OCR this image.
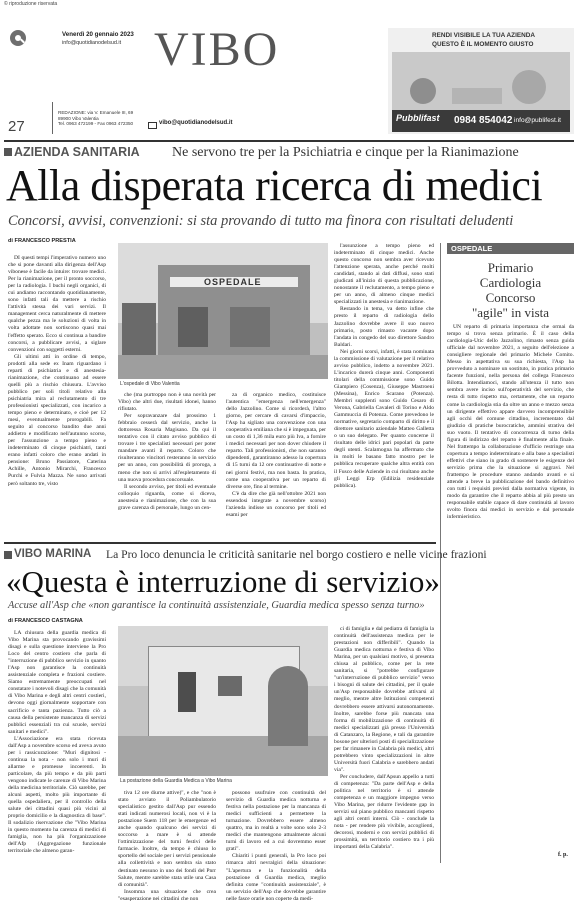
© riproduzione riservata
Venerdì 20 gennaio 2023
info@quotidianodelsud.it VIBO
27
REDAZIONE: via V. Emanuele III, 69
89900 Vibo Valentia
Tel. 0963 472199 - Fax 0963 472350	vibo@quotidianodelsud.it
RENDI VISIBILE LA TUA AZIENDA
QUESTO È IL MOMENTO GIUSTO
Pubblifast 0984 854042 info@publifest.it
AZIENDA SANITARIA Ne servono tre per la Psichiatria e cinque per la Rianimazione
Alla disperata ricerca di medici
Concorsi, avvisi, convenzioni: si sta provando di tutto ma finora con risultati deludenti
di FRANCESCO PRESTIA

DI questi tempi l'imperativo numero uno che si pone davanti alla dirigenza dell'Asp vibonese è facile da intuire: trovare medici. Per la rianimazione, per il pronto soccorso, per la radiologia. I buchi negli organici, di cui andiamo raccontando quotidianamente, sono infatti tali da mettere a rischio l'attività stessa dei vari servizi. Il management cerca naturalmente di mettere qualche pezza ma le soluzioni di volta in volta adottate non sortiscono quasi mai l'effetto sperato. Ecco si continua a bandire concorsi, a pubblicare avvisi, a siglare convenzioni con soggetti esterni.

Gli ultimi atti in ordine di tempo, prodotti alla sede ex Inam riguardano i reparti di psichiatria e di anestesia-rianimazione, che continuano ad essere quelli più a rischio chiusura. L'avviso pubblico per soli titoli relativo alla psichiatria mira al reclutamento di tre professionisti specializzati, con incarico a tempo pieno e determinato, e cioè per 12 mesi, eventualmente prorogabili. Fa seguito al concorso bandito due anni addietro e modificato nell'autunno scorso, per l'assunzione a tempo pieno e indeterminato di cinque psichiatri, tanti erano infatti coloro che erano andati in pensione: Bruno Passiatore, Caterina Achille, Antonio Mirarchi, Francesco Purchi e Fulvia Mazza. Ne sono arrivati però soltanto tre, visto

OSPEDALE
L'ospedale di Vibo Valentia

che (ma purtroppo non è una novità per Vibo) che altri due, risultati idonei, hanno rifiutato.

Per sopravanzare dal prossimo 1 febbraio cesserà dal servizio, anche la dottoressa Rosaria Magisano. Da qui il tentativo con il citato avviso pubblico di trovare i tre specialisti necessari per poter mandare avanti il reparto. Coloro che risulteranno vincitori resteranno in servizio per un anno, con possibilità di proroga, a meno che non si arrivi all'espletamento di una nuova procedura concorsuale.

Il secondo avviso, per titoli ed eventuale colloquio riguarda, come si diceva, anestesia e rianimazione, che con la sua grave carenza di personale, lungo un cen-

za di organico medico, costituisce l'autentica "emergenza nell'emergenza" dello Jazzolino. Come si ricorderà, l'altro giorno, per cercare di cavarsi d'impaccio, l'Asp ha sigliato una convenzione con una cooperativa emiliana che si è impegnata, per un costo di 1,36 mila euro più Iva, a fornire i medici necessari per non dover chiudere il reparto. Tali professionisti, che non saranno dipendenti, garantiranno adesso la copertura di 15 turni da 12 ore continuative di notte e nei giorni festivi, ma non basta. In pratica, come una cooperativa per un reparto di diverse ore, fino al termine.

C'è da dire che già nell'ottobre 2021 non essendosi integrate a novembre scorso) l'azienda indisse un concorso per titoli ed esami per

l'assunzione a tempo pieno ed indeterminato di cinque medici. Anche questo concorso non sembra aver ricevuto l'attenzione sperata, anche perché molti candidati, stando ai dati diffusi, sono stati giudicati all'inizio di questa pubblicazione, nonostante il reclutamento, a tempo pieno e per un anno, di almeno cinque medici specializzati in anestesia e rianimazione.

Restando in tema, va detto infine che presto il reparto di radiologia dello Jazzolino dovrebbe avere il suo nuovo primario, posto rimasto vacante dopo l'andata in congedo del suo direttore Sandro Baldari.

Nei giorni scorsi, infatti, è stata nominata la commissione di valutazione per il relativo avviso pubblico, indetto a novembre 2021. L'incarico durerà cinque anni. Componenti titolari della commissione sono Guido Giampiero (Cosenza), Giuseppe Mastroeni (Messina), Enrico Scarano (Potenza). Membri supplenti sono Guido Cesaro di Verona, Gabriella Cavaleri di Torino e Aldo Gammuccia di Potenza. Come prevedono le normative, segretario comparto di diritto e il direttore sanitario aziendale Matteo Galletta o un suo delegato. Per quanto concerne il risultato delle idrici pari popolari da parte degli utenti. Scalamogna ha affermato che in molti le basano fatto mostro per le pubblica recuperare qualche altra entità con il Fusco delle Aziende in cui risultano anche gli Leggi Erp (Edilizia residenziale pubblica).

OSPEDALE
Primario
Cardiologia
Concorso
"agile" in vista

UN reparto di primaria importanza che ormai da tempo si trova senza primario. È il caso della cardiologia-Utic dello Jazzolino, rimasto senza guida ufficiale dal novembre 2021, a seguito dell'elezione a consigliere regionale del primario Michele Comito. Messo in aspettativa su sua richiesta, l'Asp ha provveduto a nominare un sostituto, in pratica primario facente funzioni, nella persona del collega Francesco Bilotta. Intendiamoci, stando all'utenza il tutto non sembra avere inciso sull'operatività del servizio, che resta di tutto rispetto ma, certamente, che un reparto come la cardiologia stia da oltre un anno e mezzo senza un dirigente effettivo appare davvero incomprensibile agli occhi del comune cittadino, incrementato dal giudizio di pratiche burocratiche, ammini strativa del suo vuoto. Il tentativo di concorrenza di turno della figura di indirizzo del reparto è finalmente alla finale. Nel frattempo la collaborazione d'ufficio restringe una copertura a tempo indeterminato e alla base a specialisti effettivi che siano in grado di sostenere le esigenze del servizio prima che la situazione si aggravi. Nel frattempo le procedure stanno andando avanti e si attende a breve la pubblicazione del bando definitivo con tutti i requisiti previsti dalla normativa vigente, in modo da garantire che il reparto abbia al più presto un responsabile stabile capace di dare continuità al lavoro svolto finora dai medici in servizio e dal personale infermieristico.

f. p.
VIBO MARINA La Pro loco denuncia le criticità sanitarie nel borgo costiero e nelle vicine frazioni
«Questa è interruzione di servizio»
Accuse all'Asp che «non garantisce la continuità assistenziale, Guardia medica spesso senza turno»
di FRANCESCO CASTAGNA

LA chiusura della guardia medica di Vibo Marina sta provocando gravissimi disagi e sulla questione interviene la Pro Loco del centro costiero che parla di "interruzione di pubblico servizio in quanto l'Asp non garantisce la continuità assistenziale completa e frazioni costiere. Siamo estremamente preoccupati nel constatare i notevoli disagi che la comunità di Vibo Marina e degli altri centri costieri, devono oggi giornalmente sopportare con sacrificio e tanta pazienza. Tutto ciò a causa della persistente mancanza di servizi pubblici essenziali tra cui scuole, servizi sanitari e medici".

L'Associazione era stata ricevuta dall'Asp a novembre scorso ed aveva avuto per i rassicurazione: "Muri dignitosi - continua la nota - non solo i muri di allarme e promesse incoerenti. In particolare, da più tempo e da più parti vengono indicate le carenze di Vibo Marina della medicina territoriale. Ciò sarebbe, per alcuni aspetti, molto più importante di quella ospedaliera, per il controllo della salute dei cittadini quasi più vicini al proprio domicilio e la diagnostica di base". Il sodalizio riservazione che "Vibo Marina in questo momento ha carenza di medici di famiglia, non ha più l'organizzazione dell'Afp (Aggregazione funzionale territoriale che almeno garan-

La postazione della Guardia Medica a Vibo Marina

tiva 12 ore diurne attive)", e che "non è stato avviato il Poliambulatorio specialistico gestito dall'Asp pur essendo stati indicati numerosi locali, non vi è la postazione Suem 118 per le emergenze ed anche quando qualcuno dei servizi di soccorso a mare è si attende l'ottimizzazione del turni festivi delle farmacie. Inoltre, da tempo è chiuso lo sportello del sociale per i servizi pensionale alla collettività e non sembra sia stato destinato nessuno in uno dei fondi del Pnrr Salute, mentre sarebbe stata utile una Casa di comunità".

Insomma una situazione che crea "esasperazione nei cittadini che non

possono usufruire con continuità del servizio di Guardia medica notturna e festiva nella postazione per la mancanza di medici sufficienti a permettere la turnazione. Dovrebbero essere almeno quattro, ma in realtà a volte sono solo 2-3 medici che mantengono attualmente alcuni turni di lavoro ed a cui dovremmo esser grati".

Chiariti i punti generali, la Pro loco poi rimarca altri nevralgici della situazione: "L'apertura e la funzionalità della postazione di Guardia medica, meglio definita come "continuità assistenziale", è un servizio dell'Asp che dovrebbe garantire nelle fasce orarie non coperte da medi-

ci di famiglia e dal pediatra di famiglia la continuità dell'assistenza medica per le prestazioni non differibili". Quando la Guardia medica notturna e festiva di Vibo Marina, per un qualsiasi motivo, si presenta chiusa al pubblico, come per la rete sanitaria, si "potrebbe configurare "un'interruzione di pubblico servizio" verso i bisogni di salute dei cittadini, per il quale un'Asp responsabile dovrebbe attivarsi al meglio, mentre altre Istituzioni competenti dovrebbero essere attivarsi autonomamente. Inoltre, sarebbe forse più mancata una forma di mobilizzazione di continuità di medici specializzati già presso l'Università di Catanzaro, la Regione, e tali da garantire bosone per ulteriori posti di specializzazione per far rimanere in Calabria più medici, altri potrebbero vinto specializzazioni in altre Università fuori Calabria e sarebbero andati via".

Per concludere, dall'Apsun appello a tutti di competenza: "Da parte dell'Asp e della politica nel territorio è si attende competenza e un maggiore impegno verso Vibo Marina, per ridurre l'evidente gap in servizi sul piano pubblico mancanti rispetto agli altri centri interni. Ciò - conclude la nota - per rendere più vivibile, accoglienti, decorosi, moderni e con servizi pubblici di prossimità, un territorio costiero tra i più importanti della Calabria".
